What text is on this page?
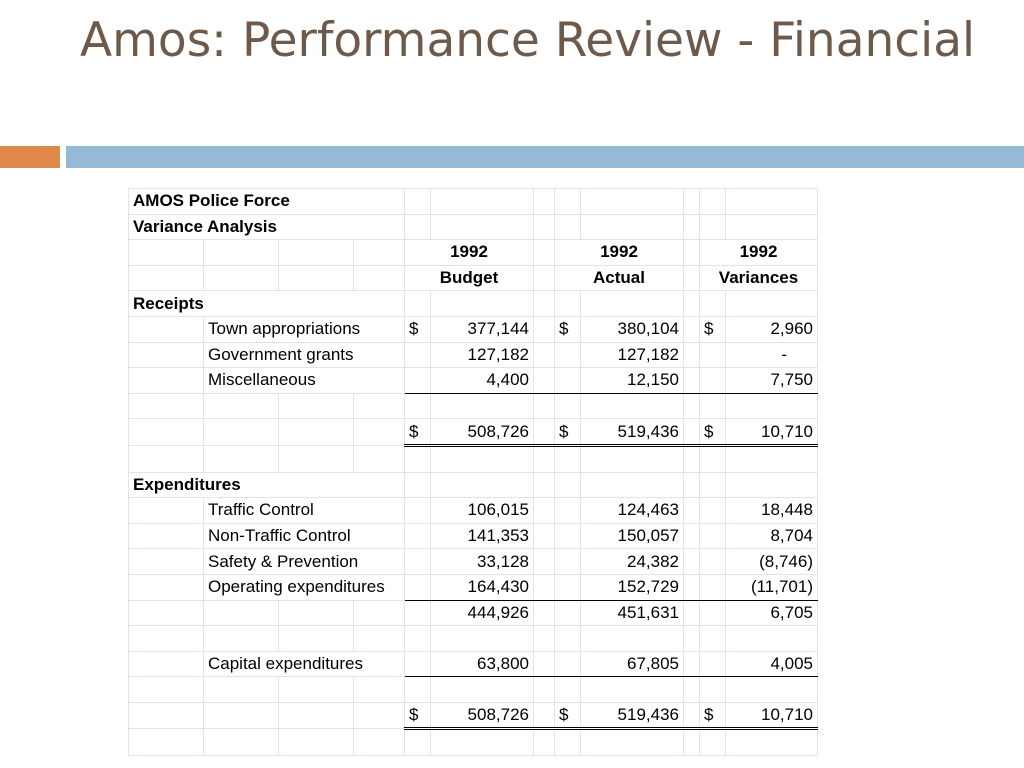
Amos: Performance Review - Financial
AMOS Police Force											
Variance Analysis											
				1992			1992			1992	
				Budget			Actual			Variances	
Receipts											
	Town appropriations			$	377,144		$	380,104		$	2,960
	Government grants				127,182			127,182			-
	Miscellaneous				4,400			12,150			7,750

				$	508,726		$	519,436		$	10,710

Expenditures											
	Traffic Control				106,015			124,463			18,448
	Non-Traffic Control				141,353			150,057			8,704
	Safety & Prevention				33,128			24,382			(8,746)
	Operating expenditures				164,430			152,729			(11,701)
					444,926			451,631			6,705

	Capital expenditures				63,800			67,805			4,005

				$	508,726		$	519,436		$	10,710
